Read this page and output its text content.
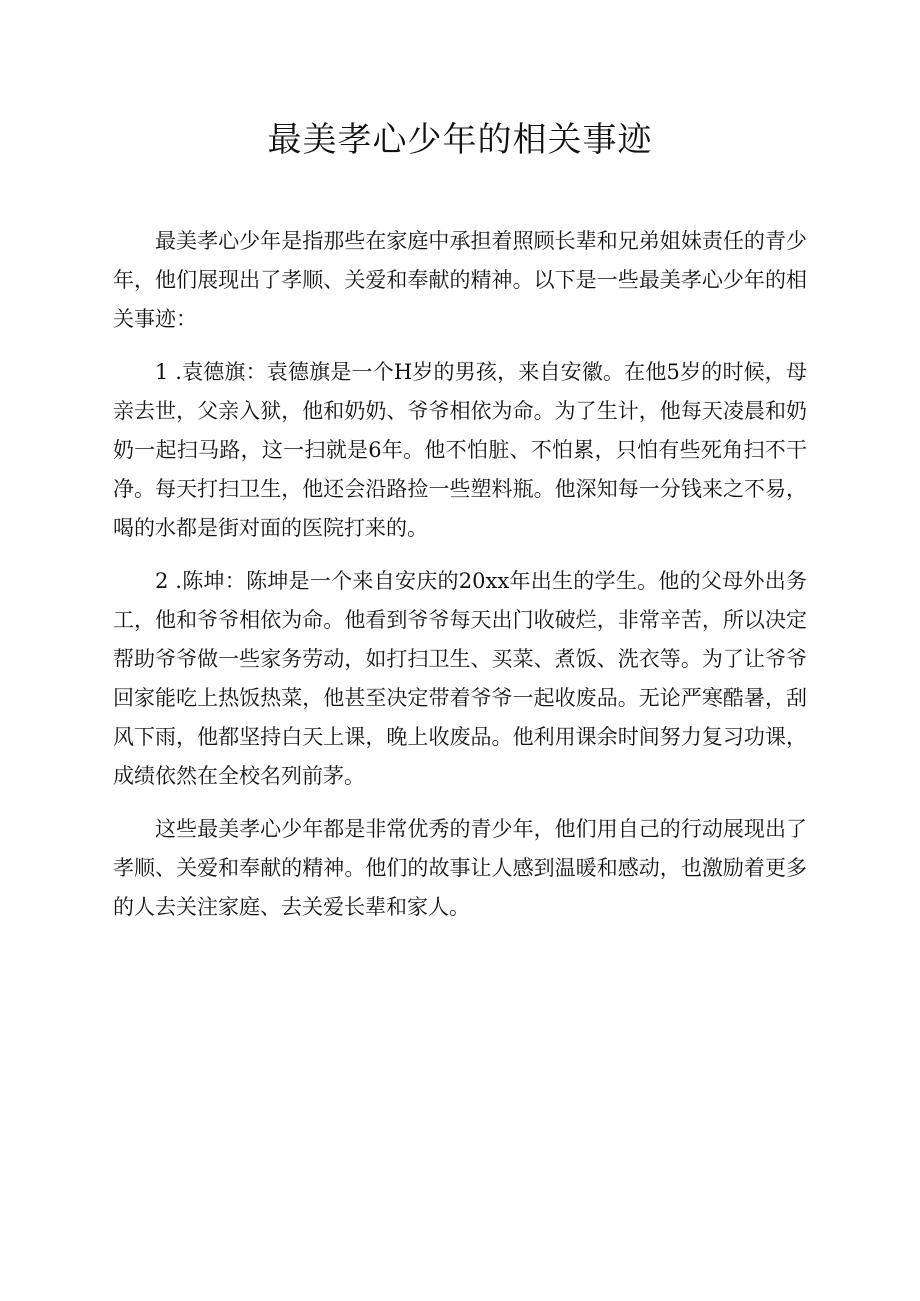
最美孝心少年的相关事迹

最美孝心少年是指那些在家庭中承担着照顾长辈和兄弟姐妹责任的青少年，他们展现出了孝顺、关爱和奉献的精神。以下是一些最美孝心少年的相关事迹：

1 .袁德旗：袁德旗是一个H岁的男孩，来自安徽。在他5岁的时候，母亲去世，父亲入狱，他和奶奶、爷爷相依为命。为了生计，他每天凌晨和奶奶一起扫马路，这一扫就是6年。他不怕脏、不怕累，只怕有些死角扫不干净。每天打扫卫生，他还会沿路捡一些塑料瓶。他深知每一分钱来之不易，喝的水都是街对面的医院打来的。

2 .陈坤：陈坤是一个来自安庆的20xx年出生的学生。他的父母外出务工，他和爷爷相依为命。他看到爷爷每天出门收破烂，非常辛苦，所以决定帮助爷爷做一些家务劳动，如打扫卫生、买菜、煮饭、洗衣等。为了让爷爷回家能吃上热饭热菜，他甚至决定带着爷爷一起收废品。无论严寒酷暑，刮风下雨，他都坚持白天上课，晚上收废品。他利用课余时间努力复习功课，成绩依然在全校名列前茅。

这些最美孝心少年都是非常优秀的青少年，他们用自己的行动展现出了孝顺、关爱和奉献的精神。他们的故事让人感到温暖和感动，也激励着更多的人去关注家庭、去关爱长辈和家人。
